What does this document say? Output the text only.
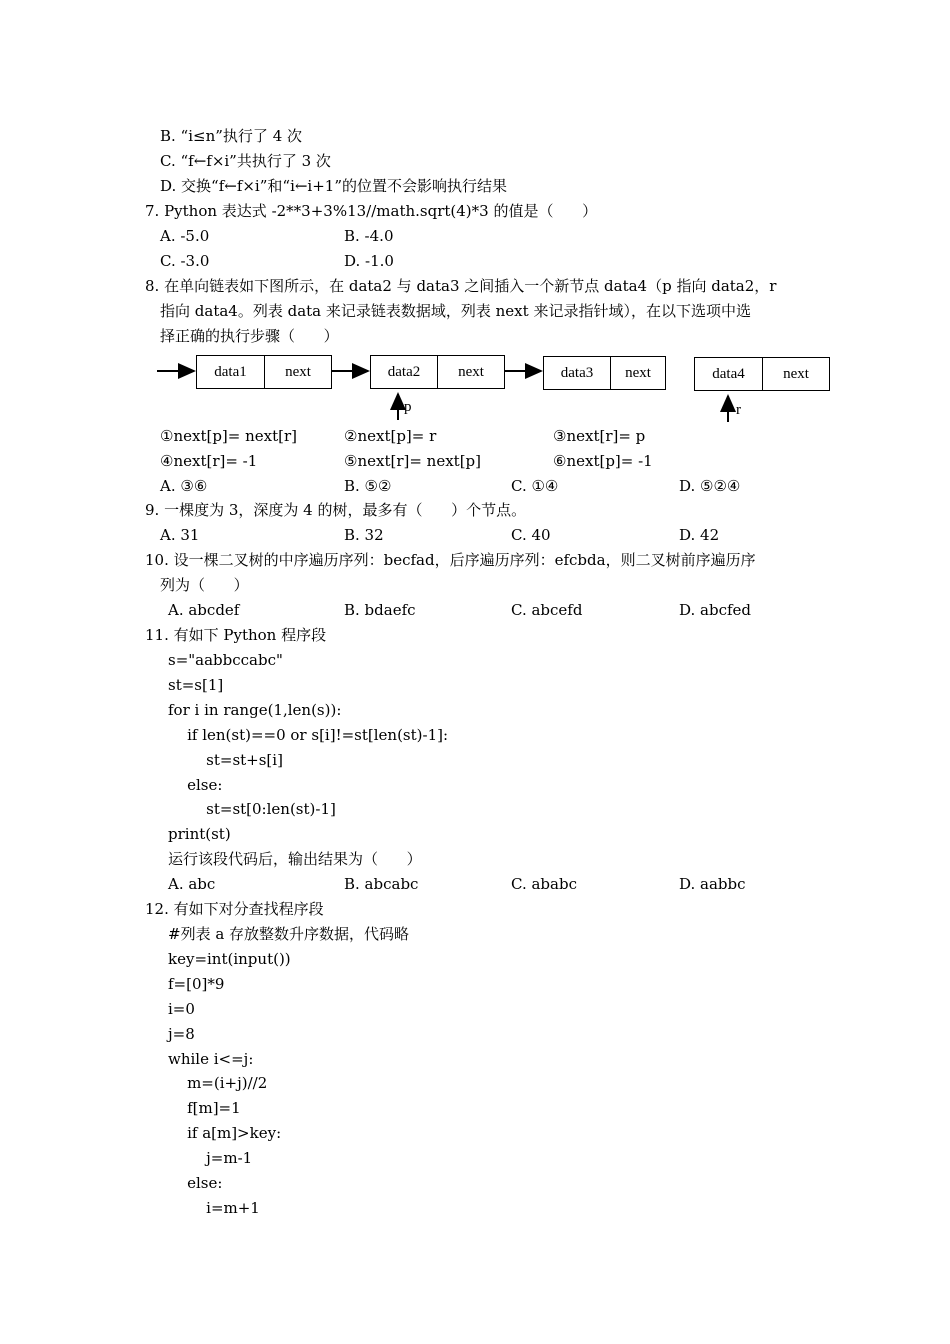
B. “i≤n”执行了 4 次
C. “f←f×i”共执行了 3 次
D. 交换“f←f×i”和“i←i+1”的位置不会影响执行结果
7. Python 表达式 -2**3+3%13//math.sqrt(4)*3 的值是（      ）
A. -5.0	B. -4.0
C. -3.0	D. -1.0
8. 在单向链表如下图所示，在 data2 与 data3 之间插入一个新节点 data4（p 指向 data2，r
指向 data4。列表 data 来记录链表数据域，列表 next 来记录指针域），在以下选项中选
择正确的执行步骤（      ）
data1	next	data2	next	data3	next	data4	next
p	r
①next[p]= next[r]	②next[p]= r	③next[r]= p
④next[r]= -1	⑤next[r]= next[p]	⑥next[p]= -1
A. ③⑥	B. ⑤②	C. ①④	D. ⑤②④
9. 一棵度为 3，深度为 4 的树，最多有（      ）个节点。
A. 31	B. 32	C. 40	D. 42
10. 设一棵二叉树的中序遍历序列：becfad，后序遍历序列：efcbda，则二叉树前序遍历序
列为（      ）
A. abcdef	B. bdaefc	C. abcefd	D. abcfed
11. 有如下 Python 程序段
s="aabbccabc"
st=s[1]
for i in range(1,len(s)):
if len(st)==0 or s[i]!=st[len(st)-1]:
st=st+s[i]
else:
st=st[0:len(st)-1]
print(st)
运行该段代码后，输出结果为（      ）
A. abc	B. abcabc	C. ababc	D. aabbc
12. 有如下对分查找程序段
#列表 a 存放整数升序数据，代码略
key=int(input())
f=[0]*9
i=0
j=8
while i<=j:
m=(i+j)//2
f[m]=1
if a[m]>key:
j=m-1
else:
i=m+1
